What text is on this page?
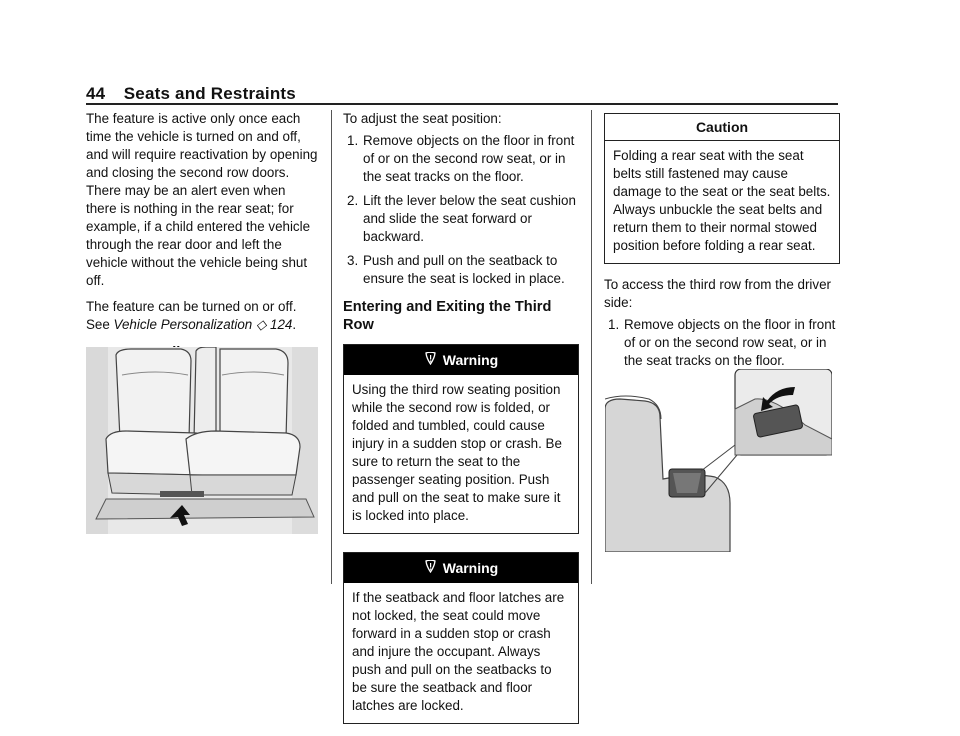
44 Seats and Restraints

The feature is active only once each time the vehicle is turned on and off, and will require reactivation by opening and closing the second row doors. There may be an alert even when there is nothing in the rear seat; for example, if a child entered the vehicle through the rear door and left the vehicle without the vehicle being shut off.

The feature can be turned on or off. See Vehicle Personalization ◇ 124.

To adjust the seat position:

1. Remove objects on the floor in front of or on the second row seat, or in the seat tracks on the floor.
2. Lift the lever below the seat cushion and slide the seat forward or backward.
3. Push and pull on the seatback to ensure the seat is locked in place.
Entering and Exiting the Third Row
Warning
Using the third row seating position while the second row is folded, or folded and tumbled, could cause injury in a sudden stop or crash. Be sure to return the seat to the passenger seating position. Push and pull on the seat to make sure it is locked into place.
Warning
If the seatback and floor latches are not locked, the seat could move forward in a sudden stop or crash and injure the occupant. Always push and pull on the seatbacks to be sure the seatback and floor latches are locked.
Caution
Folding a rear seat with the seat belts still fastened may cause damage to the seat or the seat belts. Always unbuckle the seat belts and return them to their normal stowed position before folding a rear seat.

To access the third row from the driver side:

1. Remove objects on the floor in front of or on the second row seat, or in the seat tracks on the floor.
